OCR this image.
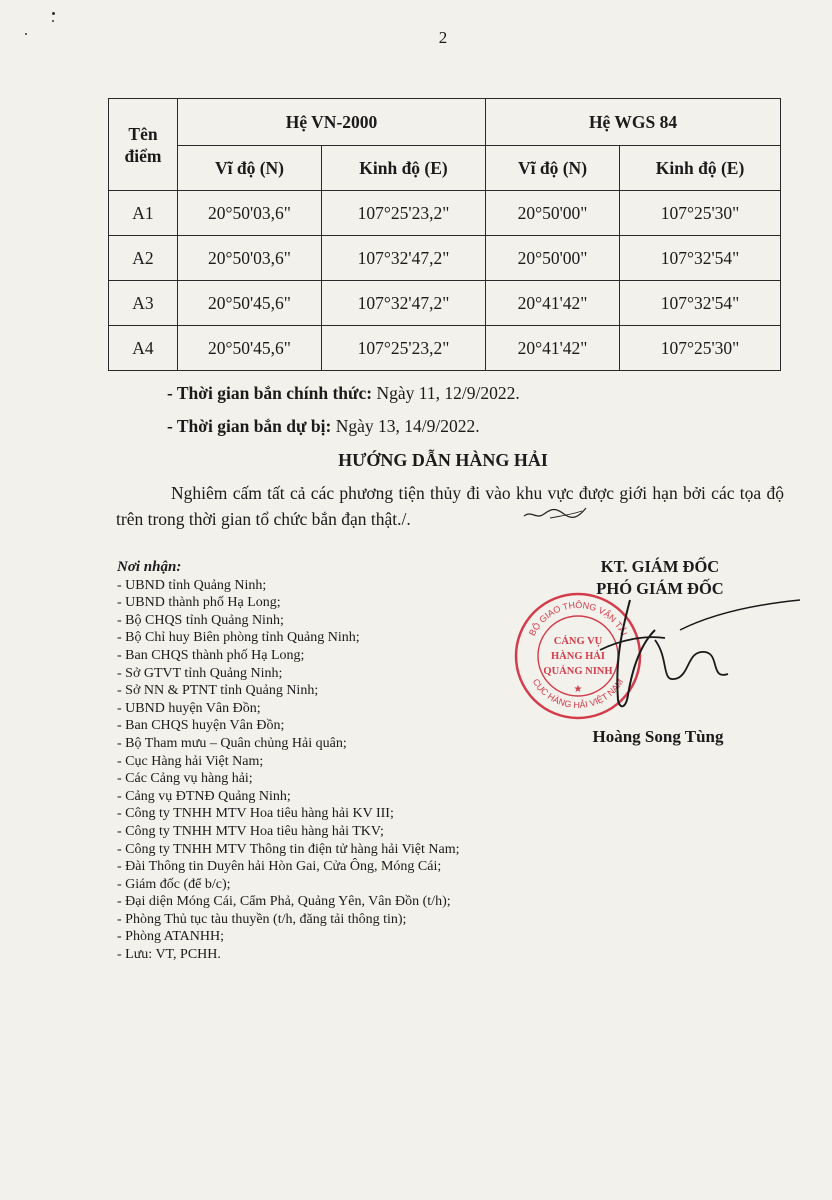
2
Tên
điểm	Hệ VN-2000		Hệ WGS 84	
	Vĩ độ (N)	Kinh độ (E)	Vĩ độ (N)	Kinh độ (E)
A1	20°50'03,6"	107°25'23,2"	20°50'00"	107°25'30"
A2	20°50'03,6"	107°32'47,2"	20°50'00"	107°32'54"
A3	20°50'45,6"	107°32'47,2"	20°41'42"	107°32'54"
A4	20°50'45,6"	107°25'23,2"	20°41'42"	107°25'30"
- Thời gian bắn chính thức: Ngày 11, 12/9/2022.
- Thời gian bắn dự bị: Ngày 13, 14/9/2022.
HƯỚNG DẪN HÀNG HẢI
Nghiêm cấm tất cả các phương tiện thủy đi vào khu vực được giới hạn bởi các tọa độ trên trong thời gian tổ chức bắn đạn thật./.
Nơi nhận:
- UBND tỉnh Quảng Ninh;
- UBND thành phố Hạ Long;
- Bộ CHQS tỉnh Quảng Ninh;
- Bộ Chỉ huy Biên phòng tỉnh Quảng Ninh;
- Ban CHQS thành phố Hạ Long;
- Sở GTVT tỉnh Quảng Ninh;
- Sở NN & PTNT tỉnh Quảng Ninh;
- UBND huyện Vân Đồn;
- Ban CHQS huyện Vân Đồn;
- Bộ Tham mưu – Quân chủng Hải quân;
- Cục Hàng hải Việt Nam;
- Các Cảng vụ hàng hải;
- Cảng vụ ĐTNĐ Quảng Ninh;
- Công ty TNHH MTV Hoa tiêu hàng hải KV III;
- Công ty TNHH MTV Hoa tiêu hàng hải TKV;
- Công ty TNHH MTV Thông tin điện tử hàng hải Việt Nam;
- Đài Thông tin Duyên hải Hòn Gai, Cửa Ông, Móng Cái;
- Giám đốc (để b/c);
- Đại diện Móng Cái, Cẩm Phả, Quảng Yên, Vân Đồn (t/h);
- Phòng Thủ tục tàu thuyền (t/h, đăng tải thông tin);
- Phòng ATANHH;
- Lưu: VT, PCHH.
KT. GIÁM ĐỐC
PHÓ GIÁM ĐỐC
BỘ GIAO THÔNG VẬN TẢI
CỤC HÀNG HẢI VIỆT NAM
CẢNG VỤ
HÀNG HẢI
QUẢNG NINH
★
Hoàng Song Tùng
